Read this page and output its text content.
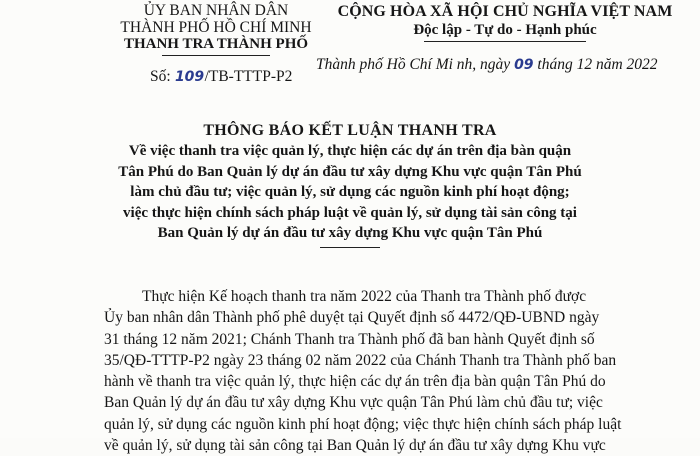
ỦY BAN NHÂN DÂN
THÀNH PHỐ HỒ CHÍ MINH
THANH TRA THÀNH PHỐ
CỘNG HÒA XÃ HỘI CHỦ NGHĨA VIỆT NAM
Độc lập - Tự do - Hạnh phúc
Thành phố Hồ Chí Mi nh, ngày 09 tháng 12 năm 2022
Số: 109/TB-TTTP-P2
THÔNG BÁO KẾT LUẬN THANH TRA
Về việc thanh tra việc quản lý, thực hiện các dự án trên địa bàn quận
Tân Phú do Ban Quản lý dự án đầu tư xây dựng Khu vực quận Tân Phú
làm chủ đầu tư; việc quản lý, sử dụng các nguồn kinh phí hoạt động;
việc thực hiện chính sách pháp luật về quản lý, sử dụng tài sản công tại
Ban Quản lý dự án đầu tư xây dựng Khu vực quận Tân Phú
Thực hiện Kế hoạch thanh tra năm 2022 của Thanh tra Thành phố được
Ủy ban nhân dân Thành phố phê duyệt tại Quyết định số 4472/QĐ-UBND ngày
31 tháng 12 năm 2021; Chánh Thanh tra Thành phố đã ban hành Quyết định số
35/QĐ-TTTP-P2 ngày 23 tháng 02 năm 2022 của Chánh Thanh tra Thành phố ban
hành về thanh tra việc quản lý, thực hiện các dự án trên địa bàn quận Tân Phú do
Ban Quản lý dự án đầu tư xây dựng Khu vực quận Tân Phú làm chủ đầu tư; việc
quản lý, sử dụng các nguồn kinh phí hoạt động; việc thực hiện chính sách pháp luật
về quản lý, sử dụng tài sản công tại Ban Quản lý dự án đầu tư xây dựng Khu vực
